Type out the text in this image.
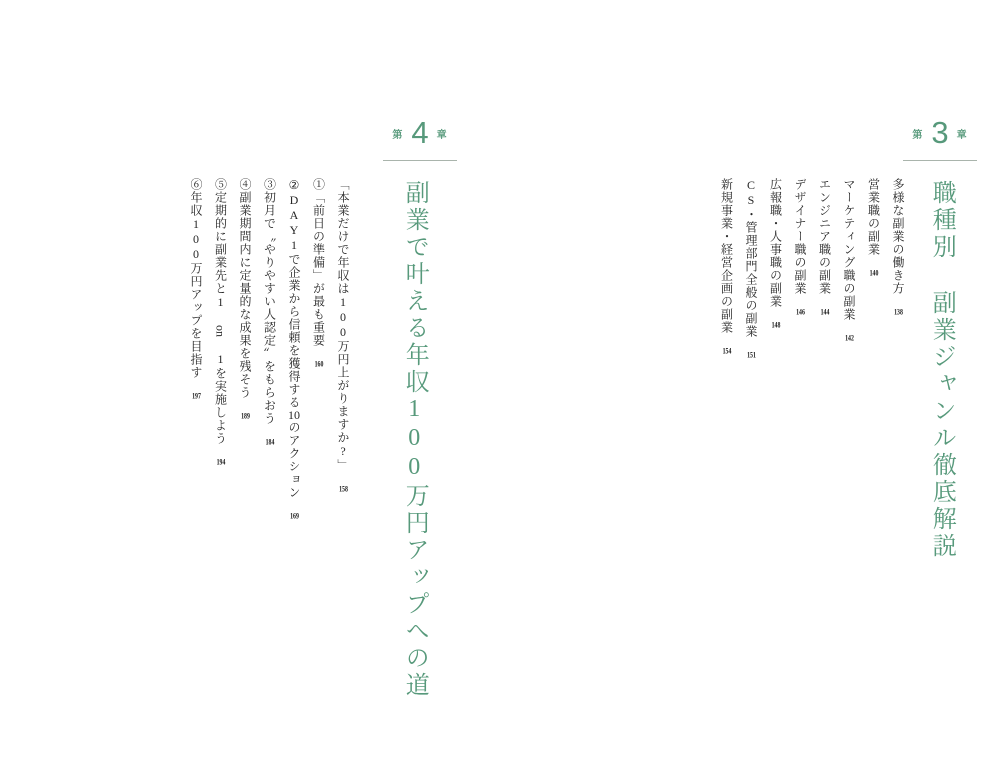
第 3 章
職種別 副業ジャンル徹底解説
多様な副業の働き方138
営業職の副業140
マーケティング職の副業142
エンジニア職の副業144
デザイナー職の副業146
広報職・人事職の副業148
CS・管理部門全般の副業151
新規事業・経営企画の副業154
第 4 章
副業で叶える年収100万円アップへの道
「本業だけで年収は100万円上がりますか?」158
①「前日の準備」が最も重要160
②DAY1で企業から信頼を獲得する10のアクション169
③初月で〝やりやすい人認定〟をもらおう184
④副業期間内に定量的な成果を残そう189
⑤定期的に副業先と1 on 1を実施しよう194
⑥年収100万円アップを目指す197
